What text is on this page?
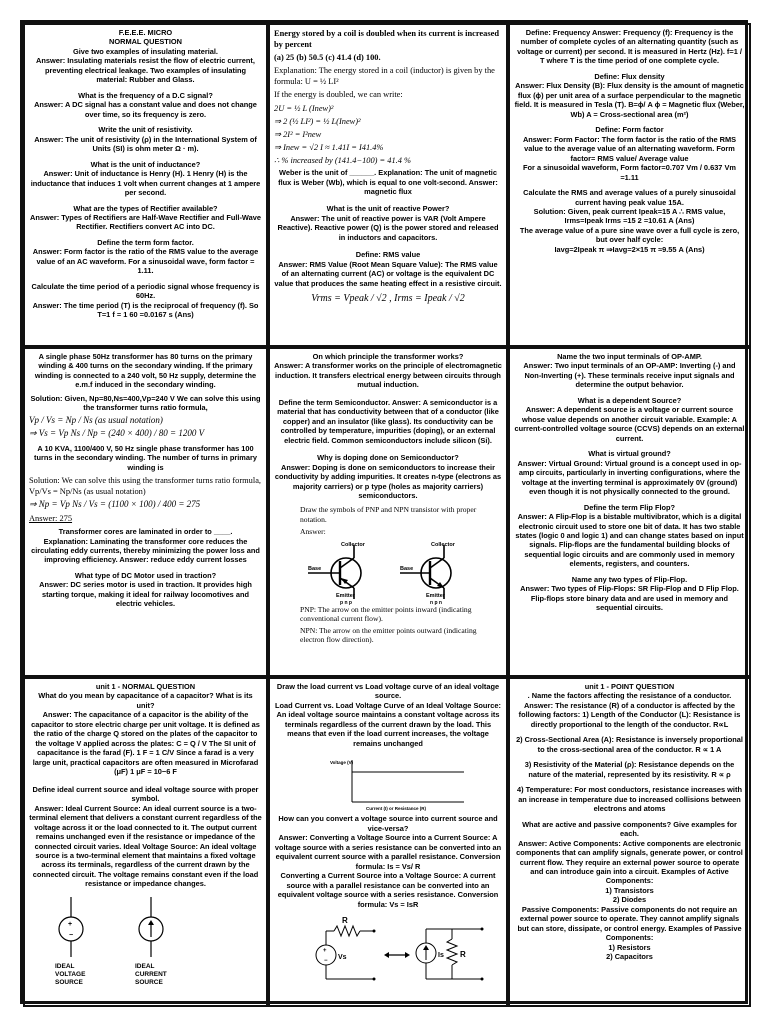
F.E.E.E. MICRO
NORMAL QUESTION

Give two examples of insulating material.
Answer: Insulating materials resist the flow of electric current, preventing electrical leakage. Two examples of insulating material: Rubber and Glass.

What is the frequency of a D.C signal?
Answer: A DC signal has a constant value and does not change over time, so its frequency is zero.

Write the unit of resistivity.
Answer: The unit of resistivity (ρ) in the International System of Units (SI) is ohm meter Ω · m).

What is the unit of inductance?
Answer: Unit of inductance is Henry (H). 1 Henry (H) is the inductance that induces 1 volt when current changes at 1 ampere per second.

What are the types of Rectifier available?
Answer: Types of Rectifiers are Half-Wave Rectifier and Full-Wave Rectifier. Rectifiers convert AC into DC.

Define the term form factor.
Answer: Form factor is the ratio of the RMS value to the average value of an AC waveform. For a sinusoidal wave, form factor = 1.11.

Calculate the time period of a periodic signal whose frequency is 60Hz.
Answer: The time period (T) is the reciprocal of frequency (f). So T=1 f = 1 60 =0.0167 s (Ans)

Energy stored by a coil is doubled when its current is increased by percent

(a) 25 (b) 50.5 (c) 41.4 (d) 100.

Explanation: The energy stored in a coil (inductor) is given by the formula: U = ½ LI²

If the energy is doubled, we can write:

2U = ½ L (Inew)²

⇒ 2 (½ LI²) = ½ L(Inew)²

⇒ 2I² = I²new

⇒ Inew = √2 I ≈ 1.41I = I41.4%

∴ % increased by (141.4−100) = 41.4 %

Weber is the unit of ______. Explanation: The unit of magnetic flux is Weber (Wb), which is equal to one volt-second. Answer: magnetic flux

What is the unit of reactive Power?
Answer: The unit of reactive power is VAR (Volt Ampere Reactive). Reactive power (Q) is the power stored and released in inductors and capacitors.

Define: RMS value
Answer: RMS Value (Root Mean Square Value): The RMS value of an alternating current (AC) or voltage is the equivalent DC value that produces the same heating effect in a resistive circuit.

Vrms = Vpeak / √2 , Irms = Ipeak / √2

Define: Frequency Answer: Frequency (f): Frequency is the number of complete cycles of an alternating quantity (such as voltage or current) per second. It is measured in Hertz (Hz). f=1 / T where T is the time period of one complete cycle.

Define: Flux density
Answer: Flux Density (B): Flux density is the amount of magnetic flux (ϕ) per unit area of a surface perpendicular to the magnetic field. It is measured in Tesla (T). B=ϕ/ A ϕ = Magnetic flux (Weber, Wb) A = Cross-sectional area (m²)

Define: Form factor
Answer: Form Factor: The form factor is the ratio of the RMS value to the average value of an alternating waveform. Form factor= RMS value/ Average value
For a sinusoidal waveform, Form factor=0.707 Vm / 0.637 Vm =1.11

Calculate the RMS and average values of a purely sinusoidal current having peak value 15A.
Solution: Given, peak current Ipeak=15 A ∴ RMS value, Irms=Ipeak Irms =15 2 =10.61 A (Ans)
The average value of a pure sine wave over a full cycle is zero, but over half cycle:
Iavg=2Ipeak π ⇒Iavg=2×15 π ≈9.55 A (Ans)

A single phase 50Hz transformer has 80 turns on the primary winding & 400 turns on the secondary winding. If the primary winding is connected to a 240 volt, 50 Hz supply, determine the e.m.f induced in the secondary winding.

Solution: Given, Np=80,Ns=400,Vp=240 V We can solve this using the transformer turns ratio formula,

Vp / Vs = Np / Ns (as usual notation)

⇒ Vs = Vp Ns / Np = (240 × 400) / 80 = 1200 V

A 10 KVA, 1100/400 V, 50 Hz single phase transformer has 100 turns in the secondary winding. The number of turns in primary winding is

Solution: We can solve this using the transformer turns ratio formula, Vp/Vs = Np/Ns (as usual notation)

⇒ Np = Vp Ns / Vs = (1100 × 100) / 400 = 275

Answer: 275

Transformer cores are laminated in order to ____.
Explanation: Laminating the transformer core reduces the circulating eddy currents, thereby minimizing the power loss and improving efficiency. Answer: reduce eddy current losses

What type of DC Motor used in traction?
Answer: DC series motor is used in traction. It provides high starting torque, making it ideal for railway locomotives and electric vehicles.

On which principle the transformer works?
Answer: A transformer works on the principle of electromagnetic induction. It transfers electrical energy between circuits through mutual induction.

Define the term Semiconductor. Answer: A semiconductor is a material that has conductivity between that of a conductor (like copper) and an insulator (like glass). Its conductivity can be controlled by temperature, impurities (doping), or an external electric field. Common semiconductors include silicon (Si).

Why is doping done on Semiconductor?
Answer: Doping is done on semiconductors to increase their conductivity by adding impurities. It creates n-type (electrons as majority carriers) or p type (holes as majority carriers) semiconductors.

Draw the symbols of PNP and NPN transistor with proper notation.

Answer:

Collector
Base
Emitter
p n p
Collector
Base
Emitter
n p n

PNP: The arrow on the emitter points inward (indicating conventional current flow).

NPN: The arrow on the emitter points outward (indicating electron flow direction).

Name the two input terminals of OP-AMP.
Answer: Two input terminals of an OP-AMP: Inverting (-) and Non-Inverting (+). These terminals receive input signals and determine the output behavior.

What is a dependent Source?
Answer: A dependent source is a voltage or current source whose value depends on another circuit variable. Example: A current-controlled voltage source (CCVS) depends on an external current.

What is virtual ground?
Answer: Virtual Ground: Virtual ground is a concept used in op-amp circuits, particularly in inverting configurations, where the voltage at the inverting terminal is approximately 0V (ground) even though it is not physically connected to the ground.

Define the term Flip Flop?
Answer: A Flip-Flop is a bistable multivibrator, which is a digital electronic circuit used to store one bit of data. It has two stable states (logic 0 and logic 1) and can change states based on input signals. Flip-flops are the fundamental building blocks of sequential logic circuits and are commonly used in memory elements, registers, and counters.

Name any two types of Flip-Flop.
Answer: Two types of Flip-Flops: SR Flip-Flop and D Flip Flop. Flip-flops store binary data and are used in memory and sequential circuits.

unit 1 - NORMAL QUESTION

What do you mean by capacitance of a capacitor? What is its unit?
Answer: The capacitance of a capacitor is the ability of the capacitor to store electric charge per unit voltage. It is defined as the ratio of the charge Q stored on the plates of the capacitor to the voltage V applied across the plates: C = Q / V The SI unit of capacitance is the farad (F). 1 F = 1 C/V Since a farad is a very large unit, practical capacitors are often measured in Microfarad (μF) 1 μF = 10−6 F

Define ideal current source and ideal voltage source with proper symbol.
Answer: Ideal Current Source: An ideal current source is a two-terminal element that delivers a constant current regardless of the voltage across it or the load connected to it. The output current remains unchanged even if the resistance or impedance of the connected circuit varies. Ideal Voltage Source: An ideal voltage source is a two-terminal element that maintains a fixed voltage across its terminals, regardless of the current drawn by the connected circuit. The voltage remains constant even if the load resistance or impedance changes.

+
−
IDEAL
VOLTAGE
SOURCE
IDEAL
CURRENT
SOURCE

Draw the load current vs Load voltage curve of an ideal voltage source.
Load Current vs. Load Voltage Curve of an Ideal Voltage Source: An ideal voltage source maintains a constant voltage across its terminals regardless of the current drawn by the load. This means that even if the load current increases, the voltage remains unchanged

Voltage (V)
Current (I) or Resistance (R)

How can you convert a voltage source into current source and vice-versa?
Answer: Converting a Voltage Source into a Current Source: A voltage source with a series resistance can be converted into an equivalent current source with a parallel resistance. Conversion formula: Is = Vs/ R
Converting a Current Source into a Voltage Source: A current source with a parallel resistance can be converted into an equivalent voltage source with a series resistance. Conversion formula: Vs = IsR

+
−
R
Vs	Is R
unit 1 - POINT QUESTION

. Name the factors affecting the resistance of a conductor.
Answer: The resistance (R) of a conductor is affected by the following factors: 1) Length of the Conductor (L): Resistance is directly proportional to the length of the conductor. R∝L

2) Cross-Sectional Area (A): Resistance is inversely proportional to the cross-sectional area of the conductor. R ∝ 1 A

3) Resistivity of the Material (ρ): Resistance depends on the nature of the material, represented by its resistivity. R ∝ ρ

4) Temperature: For most conductors, resistance increases with an increase in temperature due to increased collisions between electrons and atoms

What are active and passive components? Give examples for each.
Answer: Active Components: Active components are electronic components that can amplify signals, generate power, or control current flow. They require an external power source to operate and can introduce gain into a circuit. Examples of Active Components:
1) Transistors
2) Diodes
Passive Components: Passive components do not require an external power source to operate. They cannot amplify signals but can store, dissipate, or control energy. Examples of Passive Components:
1) Resistors
2) Capacitors
